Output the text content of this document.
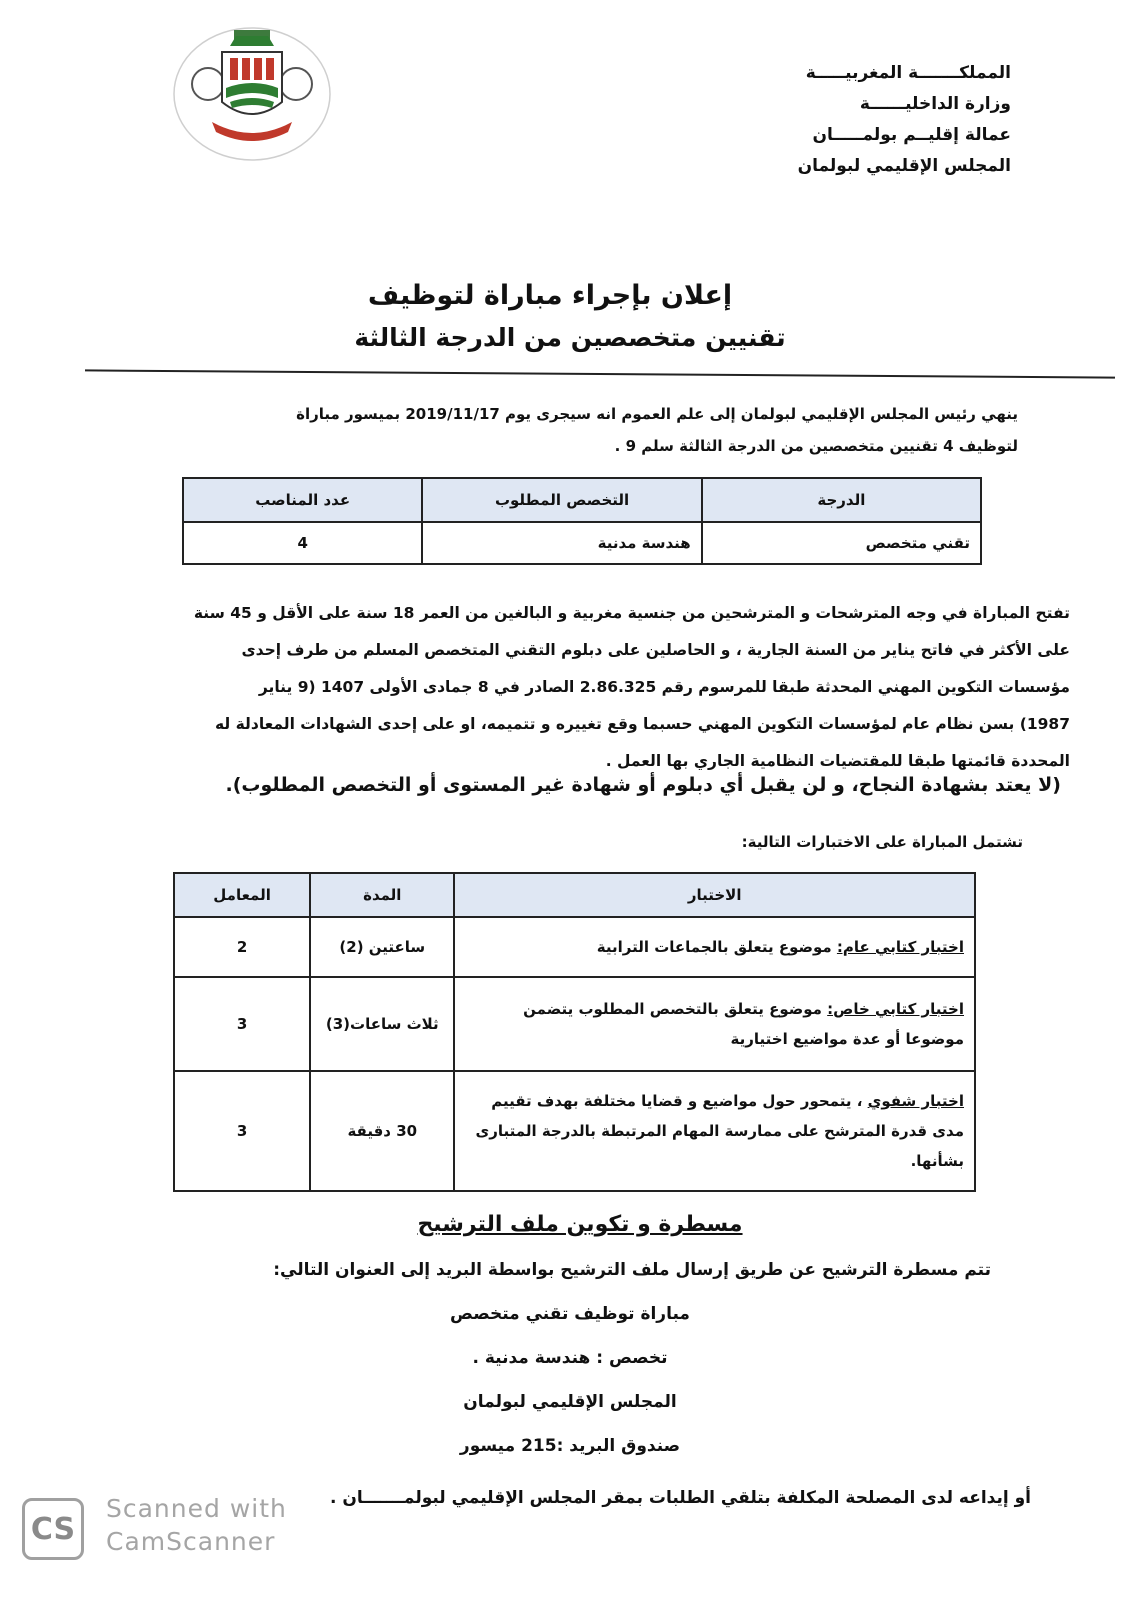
المملكـــــــة المغربيـــــة
وزارة الداخليــــــة
عمالة إقليــم بولمـــــان
المجلس الإقليمي لبولمان
إعلان بإجراء مباراة لتوظيف
تقنيين متخصصين من الدرجة الثالثة
ينهي رئيس المجلس الإقليمي لبولمان إلى علم العموم انه سيجرى يوم 2019/11/17 بميسور مباراة
لتوظيف 4 تقنيين متخصصين من الدرجة الثالثة سلم 9 .
الدرجة	التخصص المطلوب	عدد المناصب
تقني متخصص	هندسة مدنية	4
تفتح المباراة في وجه المترشحات و المترشحين من جنسية مغربية و البالغين من العمر 18 سنة على الأقل و 45 سنة
على الأكثر في فاتح يناير من السنة الجارية ، و الحاصلين على دبلوم التقني المتخصص المسلم من طرف إحدى
مؤسسات التكوين المهني المحدثة طبقا للمرسوم رقم 2.86.325 الصادر في 8 جمادى الأولى 1407 (9 يناير
1987) بسن نظام عام لمؤسسات التكوين المهني حسبما وقع تغييره و تتميمه، او على إحدى الشهادات المعادلة له
المحددة قائمتها طبقا للمقتضيات النظامية الجاري بها العمل .
(لا يعتد بشهادة النجاح، و لن يقبل أي دبلوم أو شهادة غير المستوى أو التخصص المطلوب).
تشتمل المباراة على الاختبارات التالية:
الاختبار	المدة	المعامل
اختبار كتابي عام: موضوع يتعلق بالجماعات الترابية	ساعتين (2)	2
اختبار كتابي خاص: موضوع يتعلق بالتخصص المطلوب يتضمن موضوعا أو عدة مواضيع اختيارية	ثلاث ساعات(3)	3
اختبار شفوي ، يتمحور حول مواضيع و قضايا مختلفة بهدف تقييم مدى قدرة المترشح على ممارسة المهام المرتبطة بالدرجة المتبارى بشأنها.	30 دقيقة	3
مسطرة و تكوين ملف الترشيح
تتم مسطرة الترشيح عن طريق إرسال ملف الترشيح بواسطة البريد إلى العنوان التالي:
مباراة توظيف تقني متخصص
تخصص : هندسة مدنية .
المجلس الإقليمي لبولمان
صندوق البريد :215 ميسور
أو إيداعه لدى المصلحة المكلفة بتلقي الطلبات بمقر المجلس الإقليمي لبولمـــــــان .
CS
Scanned with
CamScanner
